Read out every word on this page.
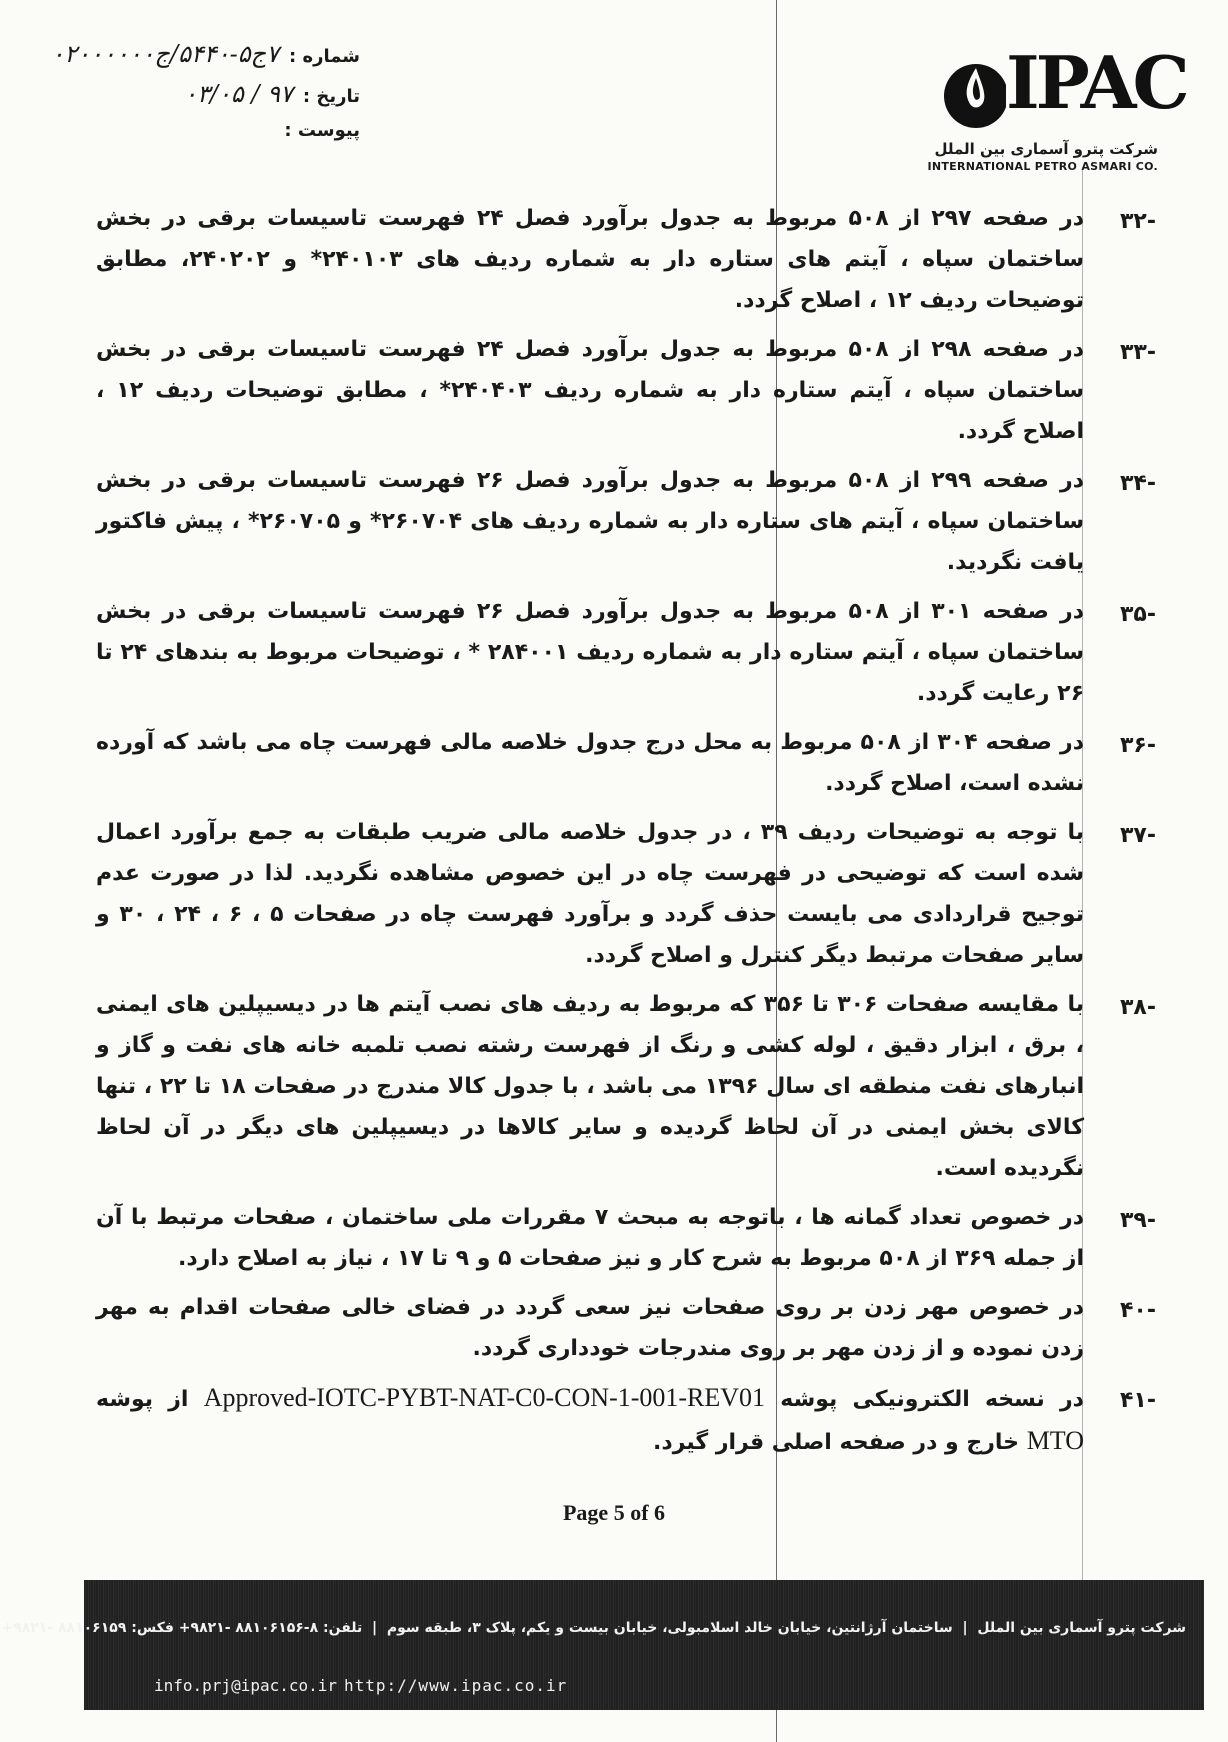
شماره :
۷ج۵-۵۴۴۰/ج۰۲۰۰۰۰۰۰
تاریخ :
۹۷ / ۰۳/۰۵
پیوست :
IPAC
شرکت پترو آسماری بین الملل
INTERNATIONAL PETRO ASMARI CO.
-۳۲
در صفحه ۲۹۷ از ۵۰۸ مربوط به جدول برآورد فصل ۲۴ فهرست تاسیسات برقی در بخش ساختمان سپاه ، آیتم های ستاره دار به شماره ردیف های ۲۴۰۱۰۳* و ۲۴۰۲۰۲، مطابق توضیحات ردیف ۱۲ ، اصلاح گردد.
-۳۳
در صفحه ۲۹۸ از ۵۰۸ مربوط به جدول برآورد فصل ۲۴ فهرست تاسیسات برقی در بخش ساختمان سپاه ، آیتم ستاره دار به شماره ردیف ۲۴۰۴۰۳* ، مطابق توضیحات ردیف ۱۲ ، اصلاح گردد.
-۳۴
در صفحه ۲۹۹ از ۵۰۸ مربوط به جدول برآورد فصل ۲۶ فهرست تاسیسات برقی در بخش ساختمان سپاه ، آیتم های ستاره دار به شماره ردیف های ۲۶۰۷۰۴* و ۲۶۰۷۰۵* ، پیش فاکتور یافت نگردید.
-۳۵
در صفحه ۳۰۱ از ۵۰۸ مربوط به جدول برآورد فصل ۲۶ فهرست تاسیسات برقی در بخش ساختمان سپاه ، آیتم ستاره دار به شماره ردیف ۲۸۴۰۰۱ * ، توضیحات مربوط به بندهای ۲۴ تا ۲۶ رعایت گردد.
-۳۶
در صفحه ۳۰۴ از ۵۰۸ مربوط به محل درج جدول خلاصه مالی فهرست چاه می باشد که آورده نشده است، اصلاح گردد.
-۳۷
با توجه به توضیحات ردیف ۳۹ ، در جدول خلاصه مالی ضریب طبقات به جمع برآورد اعمال شده است که توضیحی در فهرست چاه در این خصوص مشاهده نگردید. لذا در صورت عدم توجیح قراردادی می بایست حذف گردد و برآورد فهرست چاه در صفحات ۵ ، ۶ ، ۲۴ ، ۳۰ و سایر صفحات مرتبط دیگر کنترل و اصلاح گردد.
-۳۸
با مقایسه صفحات ۳۰۶ تا ۳۵۶ که مربوط به ردیف های نصب آیتم ها در دیسیپلین های ایمنی ، برق ، ابزار دقیق ، لوله کشی و رنگ از فهرست رشته نصب تلمبه خانه های نفت و گاز و انبارهای نفت منطقه ای سال ۱۳۹۶ می باشد ، با جدول کالا مندرج در صفحات ۱۸ تا ۲۲ ، تنها کالای بخش ایمنی در آن لحاظ گردیده و سایر کالاها در دیسیپلین های دیگر در آن لحاظ نگردیده است.
-۳۹
در خصوص تعداد گمانه ها ، باتوجه به مبحث ۷ مقررات ملی ساختمان ، صفحات مرتبط با آن از جمله ۳۶۹ از ۵۰۸ مربوط به شرح کار و نیز صفحات ۵ و ۹ تا ۱۷ ، نیاز به اصلاح دارد.
-۴۰
در خصوص مهر زدن بر روی صفحات نیز سعی گردد در فضای خالی صفحات اقدام به مهر زدن نموده و از زدن مهر بر روی مندرجات خودداری گردد.
-۴۱
در نسخه الکترونیکی پوشه Approved-IOTC-PYBT-NAT-C0-CON-1-001-REV01 از پوشه MTO خارج و در صفحه اصلی قرار گیرد.
Page 5 of 6
شرکت پترو آسماری بین الملل  |  ساختمان آرژانتین، خیابان خالد اسلامبولی، خیابان بیست و یکم، پلاک ۳، طبقه سوم  |  تلفن: ۸-۸۸۱۰۶۱۵۶ -۹۸۲۱+ فکس: ۸۸۱۰۶۱۵۹ -۹۸۲۱+
info.prj@ipac.co.ir http://www.ipac.co.ir
